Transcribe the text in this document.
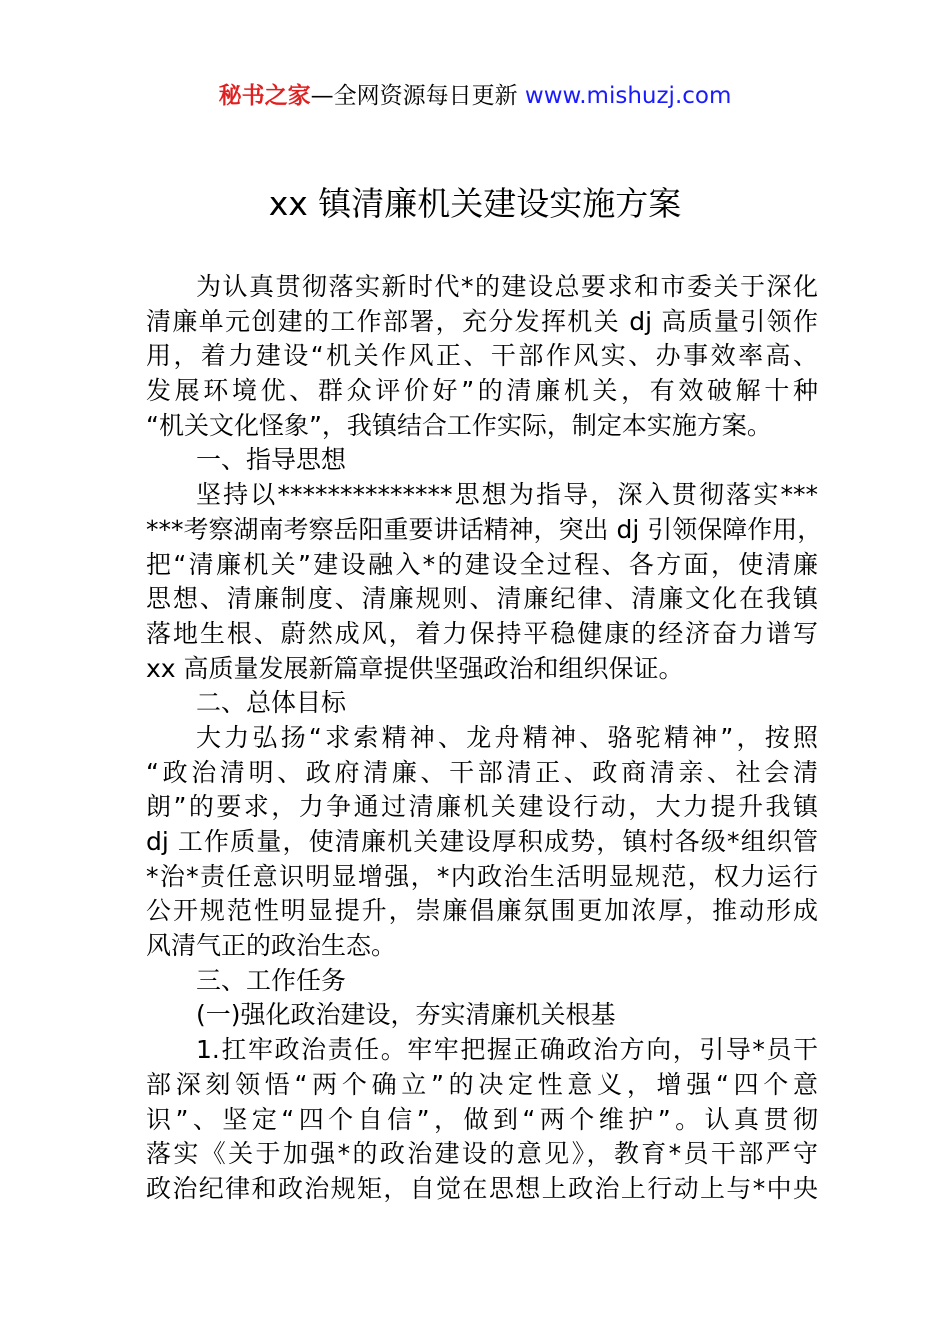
秘书之家—全网资源每日更新 www.mishuzj.com
xx 镇清廉机关建设实施方案
为认真贯彻落实新时代*的建设总要求和市委关于深化
清廉单元创建的工作部署，充分发挥机关 dj 高质量引领作
用，着力建设“机关作风正、干部作风实、办事效率高、
发展环境优、群众评价好”的清廉机关，有效破解十种
“机关文化怪象”，我镇结合工作实际，制定本实施方案。
一、指导思想
坚持以**************思想为指导，深入贯彻落实***
***考察湖南考察岳阳重要讲话精神，突出 dj 引领保障作用，
把“清廉机关”建设融入*的建设全过程、各方面，使清廉
思想、清廉制度、清廉规则、清廉纪律、清廉文化在我镇
落地生根、蔚然成风，着力保持平稳健康的经济奋力谱写
xx 高质量发展新篇章提供坚强政治和组织保证。
二、总体目标
大力弘扬“求索精神、龙舟精神、骆驼精神”，按照
“政治清明、政府清廉、干部清正、政商清亲、社会清
朗”的要求，力争通过清廉机关建设行动，大力提升我镇
dj 工作质量，使清廉机关建设厚积成势，镇村各级*组织管
*治*责任意识明显增强，*内政治生活明显规范，权力运行
公开规范性明显提升，崇廉倡廉氛围更加浓厚，推动形成
风清气正的政治生态。
三、工作任务
(一)强化政治建设，夯实清廉机关根基
1.扛牢政治责任。牢牢把握正确政治方向，引导*员干
部深刻领悟“两个确立”的决定性意义，增强“四个意
识”、坚定“四个自信”，做到“两个维护”。认真贯彻
落实《关于加强*的政治建设的意见》，教育*员干部严守
政治纪律和政治规矩，自觉在思想上政治上行动上与*中央
